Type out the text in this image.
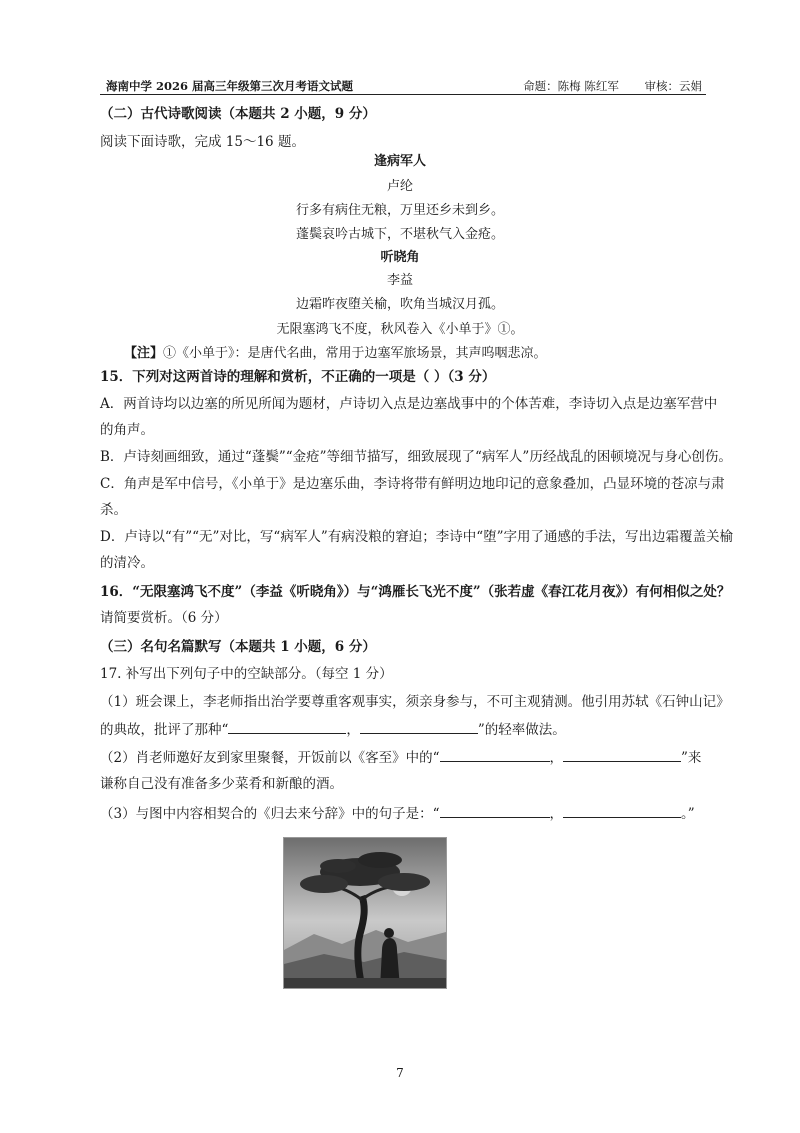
海南中学 2026 届高三年级第三次月考语文试题	命题：陈梅 陈红军 审核：云娟
（二）古代诗歌阅读（本题共 2 小题，9 分）
阅读下面诗歌，完成 15～16 题。
逢病军人
卢纶
行多有病住无粮，万里还乡未到乡。
蓬鬓哀吟古城下，不堪秋气入金疮。
听晓角
李益
边霜昨夜堕关榆，吹角当城汉月孤。
无限塞鸿飞不度，秋风卷入《小单于》①。
【注】①《小单于》：是唐代名曲，常用于边塞军旅场景，其声呜咽悲凉。
15．下列对这两首诗的理解和赏析，不正确的一项是（ ）（3 分）
A．两首诗均以边塞的所见所闻为题材，卢诗切入点是边塞战事中的个体苦难，李诗切入点是边塞军营中
的角声。
B．卢诗刻画细致，通过“蓬鬓”“金疮”等细节描写，细致展现了“病军人”历经战乱的困顿境况与身心创伤。
C．角声是军中信号，《小单于》是边塞乐曲，李诗将带有鲜明边地印记的意象叠加，凸显环境的苍凉与肃
杀。
D．卢诗以“有”“无”对比，写“病军人”有病没粮的窘迫；李诗中“堕”字用了通感的手法，写出边霜覆盖关榆
的清冷。
16．“无限塞鸿飞不度”（李益《听晓角》）与“鸿雁长飞光不度”（张若虚《春江花月夜》）有何相似之处？
请简要赏析。（6 分）
（三）名句名篇默写（本题共 1 小题，6 分）
17. 补写出下列句子中的空缺部分。（每空 1 分）
（1）班会课上，李老师指出治学要尊重客观事实，须亲身参与，不可主观猜测。他引用苏轼《石钟山记》
的典故，批评了那种“	，	”的轻率做法。
（2）肖老师邀好友到家里聚餐，开饭前以《客至》中的“	，	”来
谦称自己没有准备多少菜肴和新酿的酒。
（3）与图中内容相契合的《归去来兮辞》中的句子是：“	，	。”
7
